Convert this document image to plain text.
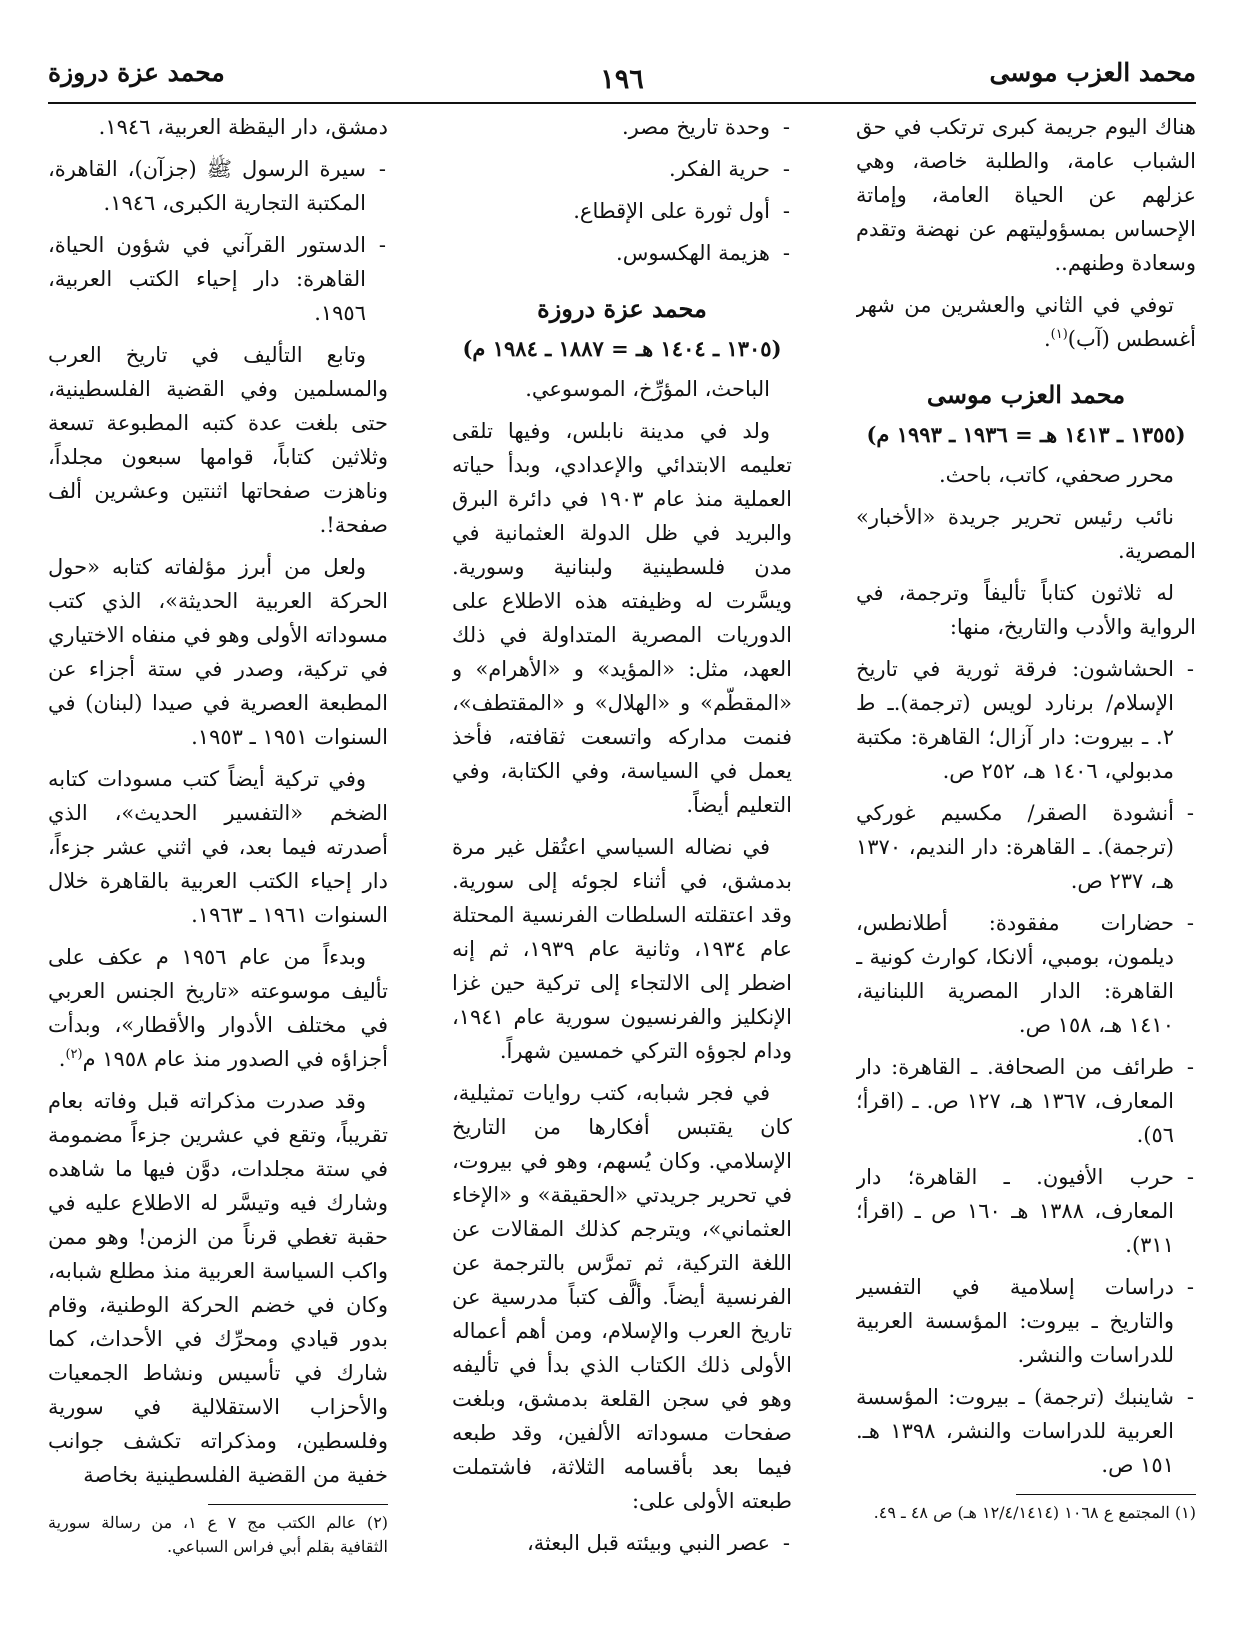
محمد العزب موسى
١٩٦
محمد عزة دروزة

هناك اليوم جريمة كبرى ترتكب في حق الشباب عامة، والطلبة خاصة، وهي عزلهم عن الحياة العامة، وإماتة الإحساس بمسؤوليتهم عن نهضة وتقدم وسعادة وطنهم..

توفي في الثاني والعشرين من شهر أغسطس (آب)$^{(١)}$.

محمد العزب موسى
(١٣٥٥ ـ ١٤١٣ هـ = ١٩٣٦ ـ ١٩٩٣ م)

محرر صحفي، كاتب، باحث.

نائب رئيس تحرير جريدة «الأخبار» المصرية.

له ثلاثون كتاباً تأليفاً وترجمة، في الرواية والأدب والتاريخ، منها:

- الحشاشون: فرقة ثورية في تاريخ الإسلام/ برنارد لويس (ترجمة).ـ ط ٢. ـ بيروت: دار آزال؛ القاهرة: مكتبة مدبولي، ١٤٠٦ هـ، ٢٥٢ ص.
- أنشودة الصقر/ مكسيم غوركي (ترجمة). ـ القاهرة: دار النديم، ١٣٧٠ هـ، ٢٣٧ ص.
- حضارات مفقودة: أطلانطس، ديلمون، بومبي، ألانكا، كوارث كونية ـ القاهرة: الدار المصرية اللبنانية، ١٤١٠ هـ، ١٥٨ ص.
- طرائف من الصحافة. ـ القاهرة: دار المعارف، ١٣٦٧ هـ، ١٢٧ ص. ـ (اقرأ؛ ٥٦).
- حرب الأفيون. ـ القاهرة؛ دار المعارف، ١٣٨٨ هـ ١٦٠ ص ـ (اقرأ؛ ٣١١).
- دراسات إسلامية في التفسير والتاريخ ـ بيروت: المؤسسة العربية للدراسات والنشر.
- شاينبك (ترجمة) ـ بيروت: المؤسسة العربية للدراسات والنشر، ١٣٩٨ هـ. ١٥١ ص.

(١) المجتمع ع ١٠٦٨ (١٢/٤/١٤١٤ هـ) ص ٤٨ ـ ٤٩.

- وحدة تاريخ مصر.
- حرية الفكر.
- أول ثورة على الإقطاع.
- هزيمة الهكسوس.
محمد عزة دروزة
(١٣٠٥ ـ ١٤٠٤ هـ = ١٨٨٧ ـ ١٩٨٤ م)

الباحث، المؤرِّخ، الموسوعي.

ولد في مدينة نابلس، وفيها تلقى تعليمه الابتدائي والإعدادي، وبدأ حياته العملية منذ عام ١٩٠٣ في دائرة البرق والبريد في ظل الدولة العثمانية في مدن فلسطينية ولبنانية وسورية. ويسَّرت له وظيفته هذه الاطلاع على الدوريات المصرية المتداولة في ذلك العهد، مثل: «المؤيد» و «الأهرام» و «المقطّم» و «الهلال» و «المقتطف»، فنمت مداركه واتسعت ثقافته، فأخذ يعمل في السياسة، وفي الكتابة، وفي التعليم أيضاً.

في نضاله السياسي اعتُقل غير مرة بدمشق، في أثناء لجوئه إلى سورية. وقد اعتقلته السلطات الفرنسية المحتلة عام ١٩٣٤، وثانية عام ١٩٣٩، ثم إنه اضطر إلى الالتجاء إلى تركية حين غزا الإنكليز والفرنسيون سورية عام ١٩٤١، ودام لجوؤه التركي خمسين شهراً.

في فجر شبابه، كتب روايات تمثيلية، كان يقتبس أفكارها من التاريخ الإسلامي. وكان يُسهم، وهو في بيروت، في تحرير جريدتي «الحقيقة» و «الإخاء العثماني»، ويترجم كذلك المقالات عن اللغة التركية، ثم تمرَّس بالترجمة عن الفرنسية أيضاً. وألَّف كتباً مدرسية عن تاريخ العرب والإسلام، ومن أهم أعماله الأولى ذلك الكتاب الذي بدأ في تأليفه وهو في سجن القلعة بدمشق، وبلغت صفحات مسوداته الألفين، وقد طبعه فيما بعد بأقسامه الثلاثة، فاشتملت طبعته الأولى على:

- عصر النبي وبيئته قبل البعثة،

دمشق، دار اليقظة العربية، ١٩٤٦.

- سيرة الرسول ﷺ (جزآن)، القاهرة، المكتبة التجارية الكبرى، ١٩٤٦.
- الدستور القرآني في شؤون الحياة، القاهرة: دار إحياء الكتب العربية، ١٩٥٦.

وتابع التأليف في تاريخ العرب والمسلمين وفي القضية الفلسطينية، حتى بلغت عدة كتبه المطبوعة تسعة وثلاثين كتاباً، قوامها سبعون مجلداً، وناهزت صفحاتها اثنتين وعشرين ألف صفحة!.

ولعل من أبرز مؤلفاته كتابه «حول الحركة العربية الحديثة»، الذي كتب مسوداته الأولى وهو في منفاه الاختياري في تركية، وصدر في ستة أجزاء عن المطبعة العصرية في صيدا (لبنان) في السنوات ١٩٥١ ـ ١٩٥٣.

وفي تركية أيضاً كتب مسودات كتابه الضخم «التفسير الحديث»، الذي أصدرته فيما بعد، في اثني عشر جزءاً، دار إحياء الكتب العربية بالقاهرة خلال السنوات ١٩٦١ ـ ١٩٦٣.

وبدءاً من عام ١٩٥٦ م عكف على تأليف موسوعته «تاريخ الجنس العربي في مختلف الأدوار والأقطار»، وبدأت أجزاؤه في الصدور منذ عام ١٩٥٨ م$^{(٢)}$.

وقد صدرت مذكراته قبل وفاته بعام تقريباً، وتقع في عشرين جزءاً مضمومة في ستة مجلدات، دوَّن فيها ما شاهده وشارك فيه وتيسَّر له الاطلاع عليه في حقبة تغطي قرناً من الزمن! وهو ممن واكب السياسة العربية منذ مطلع شبابه، وكان في خضم الحركة الوطنية، وقام بدور قيادي ومحرِّك في الأحداث، كما شارك في تأسيس ونشاط الجمعيات والأحزاب الاستقلالية في سورية وفلسطين، ومذكراته تكشف جوانب خفية من القضية الفلسطينية بخاصة

(٢) عالم الكتب مج ٧ ع ١، من رسالة سورية الثقافية بقلم أبي فراس السباعي.
